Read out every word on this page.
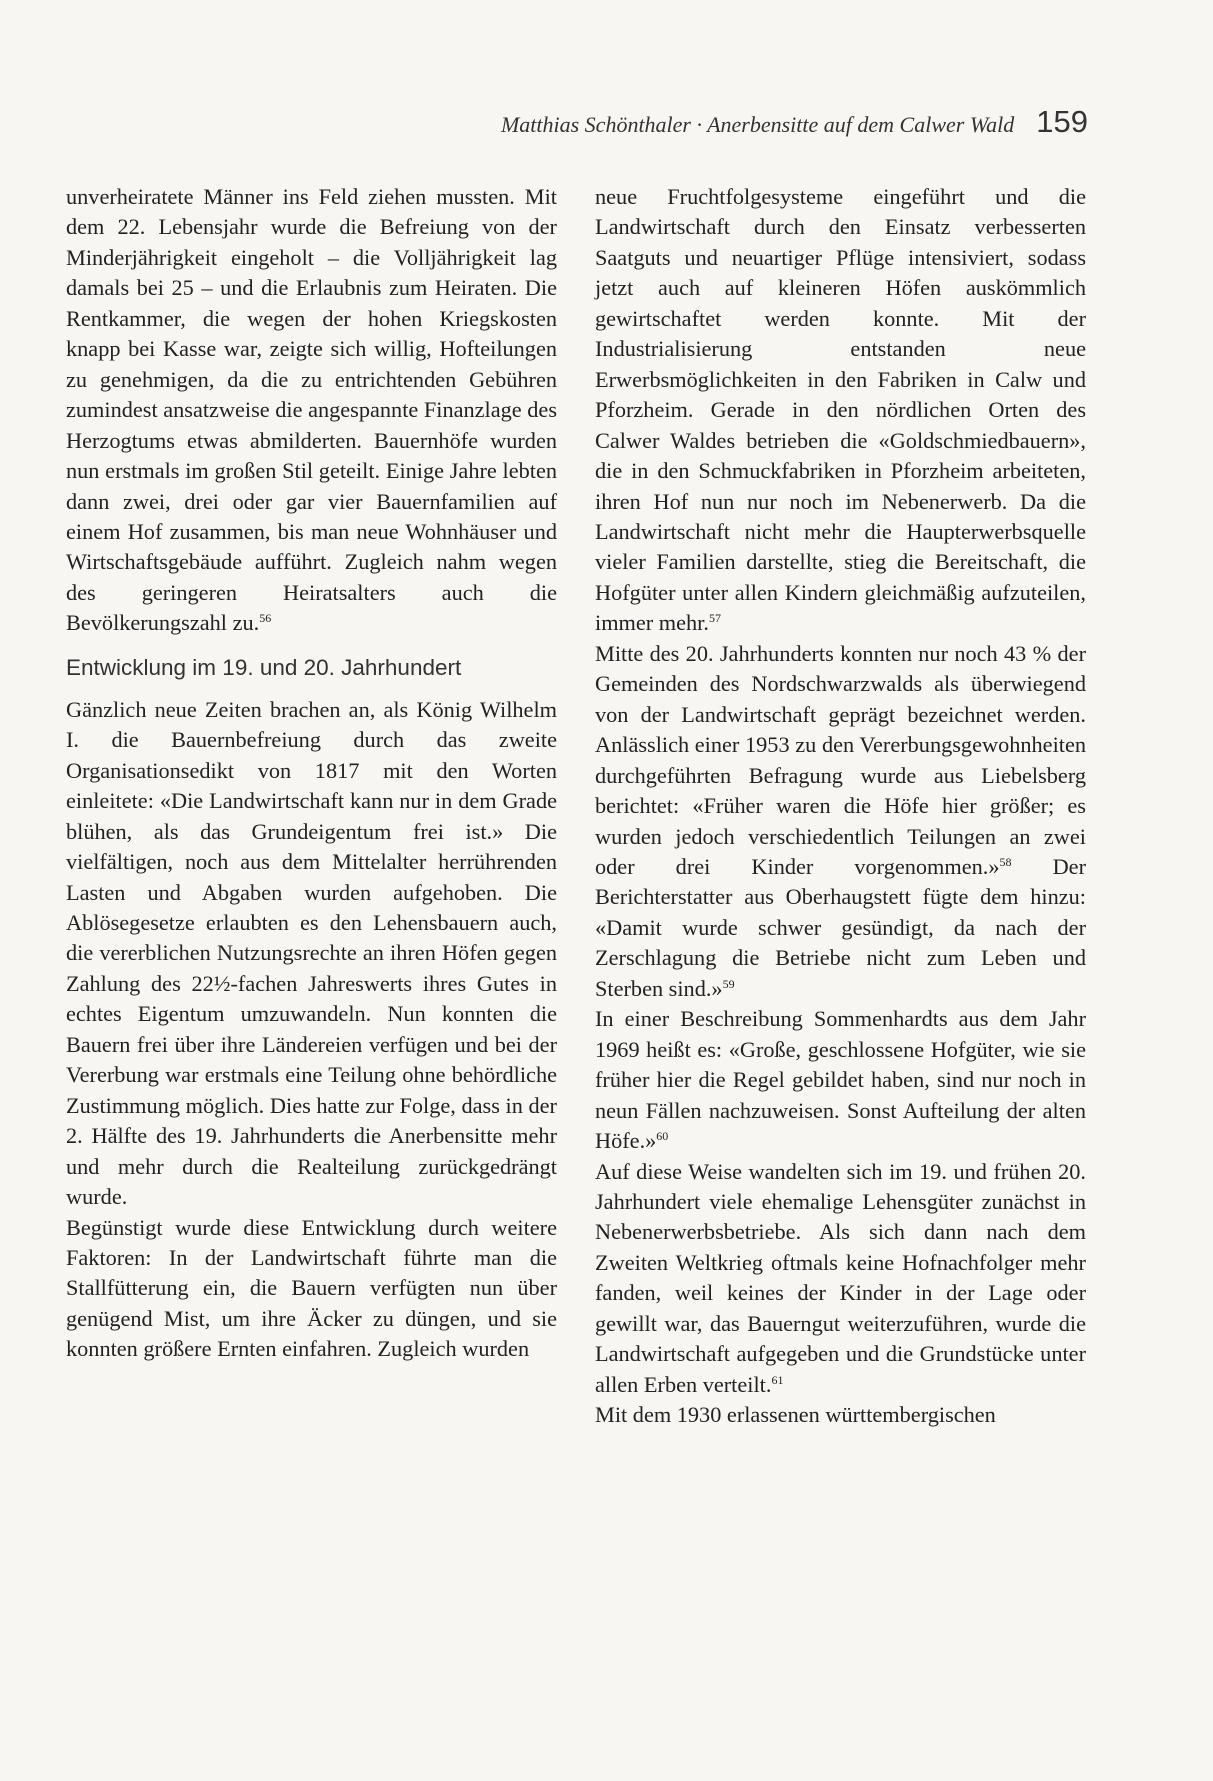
Matthias Schönthaler · Anerbensitte auf dem Calwer Wald 159

unverheiratete Männer ins Feld ziehen mussten. Mit dem 22. Lebensjahr wurde die Befreiung von der Minderjährigkeit eingeholt – die Volljährigkeit lag damals bei 25 – und die Erlaubnis zum Heiraten. Die Rentkammer, die wegen der hohen Kriegskosten knapp bei Kasse war, zeigte sich willig, Hofteilungen zu genehmigen, da die zu entrichtenden Gebühren zumindest ansatzweise die angespannte Finanzlage des Herzogtums etwas abmilderten. Bauernhöfe wurden nun erstmals im großen Stil geteilt. Einige Jahre lebten dann zwei, drei oder gar vier Bauernfamilien auf einem Hof zusammen, bis man neue Wohnhäuser und Wirtschaftsgebäude aufführt. Zugleich nahm wegen des geringeren Heiratsalters auch die Bevölkerungszahl zu.$^{56}$

Entwicklung im 19. und 20. Jahrhundert

Gänzlich neue Zeiten brachen an, als König Wilhelm I. die Bauernbefreiung durch das zweite Organisationsedikt von 1817 mit den Worten einleitete: «Die Landwirtschaft kann nur in dem Grade blühen, als das Grundeigentum frei ist.» Die vielfältigen, noch aus dem Mittelalter herrührenden Lasten und Abgaben wurden aufgehoben. Die Ablösegesetze erlaubten es den Lehensbauern auch, die vererblichen Nutzungsrechte an ihren Höfen gegen Zahlung des 22½-fachen Jahreswerts ihres Gutes in echtes Eigentum umzuwandeln. Nun konnten die Bauern frei über ihre Ländereien verfügen und bei der Vererbung war erstmals eine Teilung ohne behördliche Zustimmung möglich. Dies hatte zur Folge, dass in der 2. Hälfte des 19. Jahrhunderts die Anerbensitte mehr und mehr durch die Realteilung zurückgedrängt wurde.

Begünstigt wurde diese Entwicklung durch weitere Faktoren: In der Landwirtschaft führte man die Stallfütterung ein, die Bauern verfügten nun über genügend Mist, um ihre Äcker zu düngen, und sie konnten größere Ernten einfahren. Zugleich wurden

neue Fruchtfolgesysteme eingeführt und die Landwirtschaft durch den Einsatz verbesserten Saatguts und neuartiger Pflüge intensiviert, sodass jetzt auch auf kleineren Höfen auskömmlich gewirtschaftet werden konnte. Mit der Industrialisierung entstanden neue Erwerbsmöglichkeiten in den Fabriken in Calw und Pforzheim. Gerade in den nördlichen Orten des Calwer Waldes betrieben die «Goldschmiedbauern», die in den Schmuckfabriken in Pforzheim arbeiteten, ihren Hof nun nur noch im Nebenerwerb. Da die Landwirtschaft nicht mehr die Haupterwerbsquelle vieler Familien darstellte, stieg die Bereitschaft, die Hofgüter unter allen Kindern gleichmäßig aufzuteilen, immer mehr.$^{57}$

Mitte des 20. Jahrhunderts konnten nur noch 43 % der Gemeinden des Nordschwarzwalds als überwiegend von der Landwirtschaft geprägt bezeichnet werden. Anlässlich einer 1953 zu den Vererbungsgewohnheiten durchgeführten Befragung wurde aus Liebelsberg berichtet: «Früher waren die Höfe hier größer; es wurden jedoch verschiedentlich Teilungen an zwei oder drei Kinder vorgenommen.»$^{58}$ Der Berichterstatter aus Oberhaugstett fügte dem hinzu: «Damit wurde schwer gesündigt, da nach der Zerschlagung die Betriebe nicht zum Leben und Sterben sind.»$^{59}$

In einer Beschreibung Sommenhardts aus dem Jahr 1969 heißt es: «Große, geschlossene Hofgüter, wie sie früher hier die Regel gebildet haben, sind nur noch in neun Fällen nachzuweisen. Sonst Aufteilung der alten Höfe.»$^{60}$

Auf diese Weise wandelten sich im 19. und frühen 20. Jahrhundert viele ehemalige Lehensgüter zunächst in Nebenerwerbsbetriebe. Als sich dann nach dem Zweiten Weltkrieg oftmals keine Hofnachfolger mehr fanden, weil keines der Kinder in der Lage oder gewillt war, das Bauerngut weiterzuführen, wurde die Landwirtschaft aufgegeben und die Grundstücke unter allen Erben verteilt.$^{61}$

Mit dem 1930 erlassenen württembergischen
